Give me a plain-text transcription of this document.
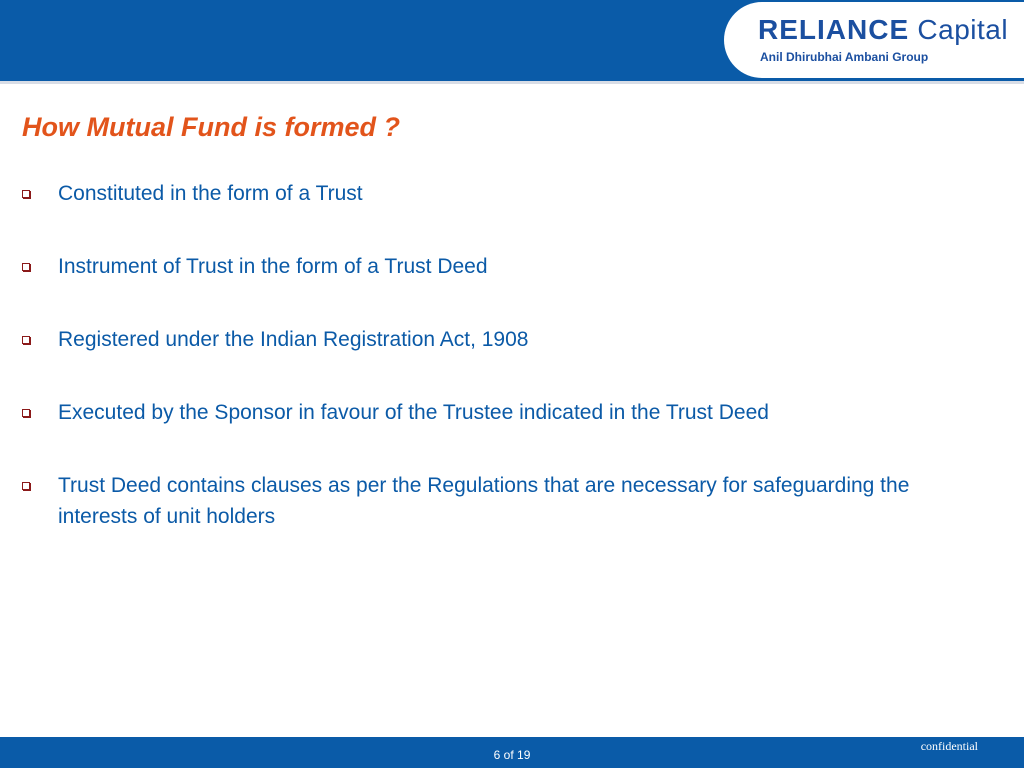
RELIANCE Capital
Anil Dhirubhai Ambani Group
How Mutual Fund is formed ?
Constituted in the form of a Trust
Instrument of Trust in the form of a Trust Deed
Registered under the Indian Registration Act, 1908
Executed by the Sponsor in favour of the Trustee indicated in the Trust Deed
Trust Deed contains clauses as per the Regulations that are necessary for safeguarding the interests of unit holders
6 of 19
confidential
